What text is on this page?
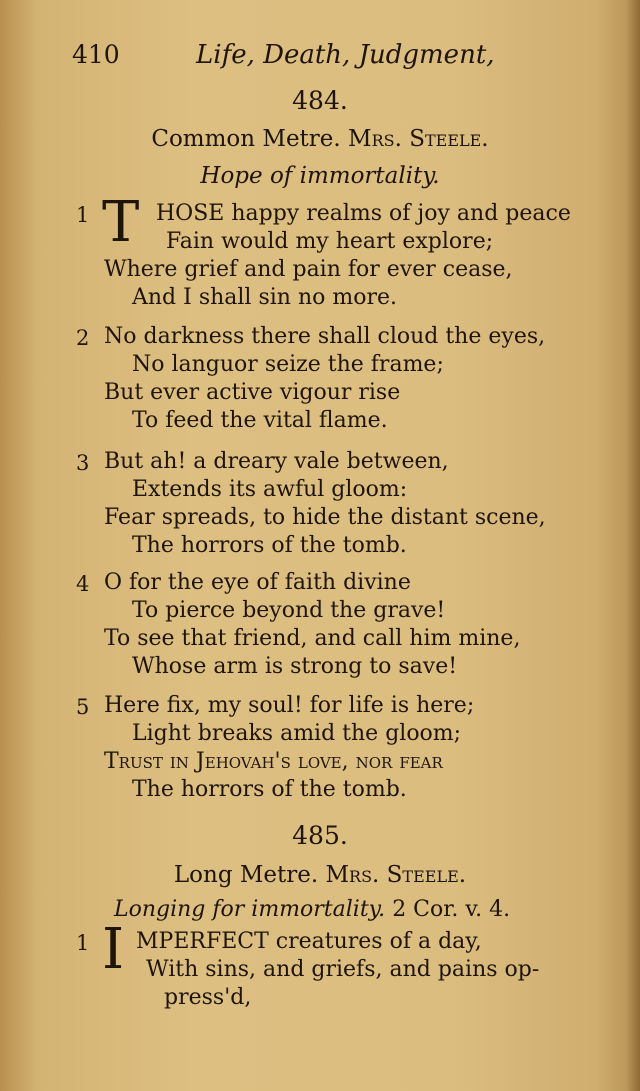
410	Life, Death, Judgment,
484.
Common Metre. Mrs. Steele.
Hope of immortality.
1 T HOSE happy realms of joy and peace
Fain would my heart explore;
Where grief and pain for ever cease,
And I shall sin no more.
2 No darkness there shall cloud the eyes,
No languor seize the frame;
But ever active vigour rise
To feed the vital flame.
3 But ah! a dreary vale between,
Extends its awful gloom:
Fear spreads, to hide the distant scene,
The horrors of the tomb.
4 O for the eye of faith divine
To pierce beyond the grave!
To see that friend, and call him mine,
Whose arm is strong to save!
5 Here fix, my soul! for life is here;
Light breaks amid the gloom;
Trust in Jehovah's love, nor fear
The horrors of the tomb.
485.
Long Metre. Mrs. Steele.
Longing for immortality. 2 Cor. v. 4.
1 I MPERFECT creatures of a day,
With sins, and griefs, and pains op-
press'd,
